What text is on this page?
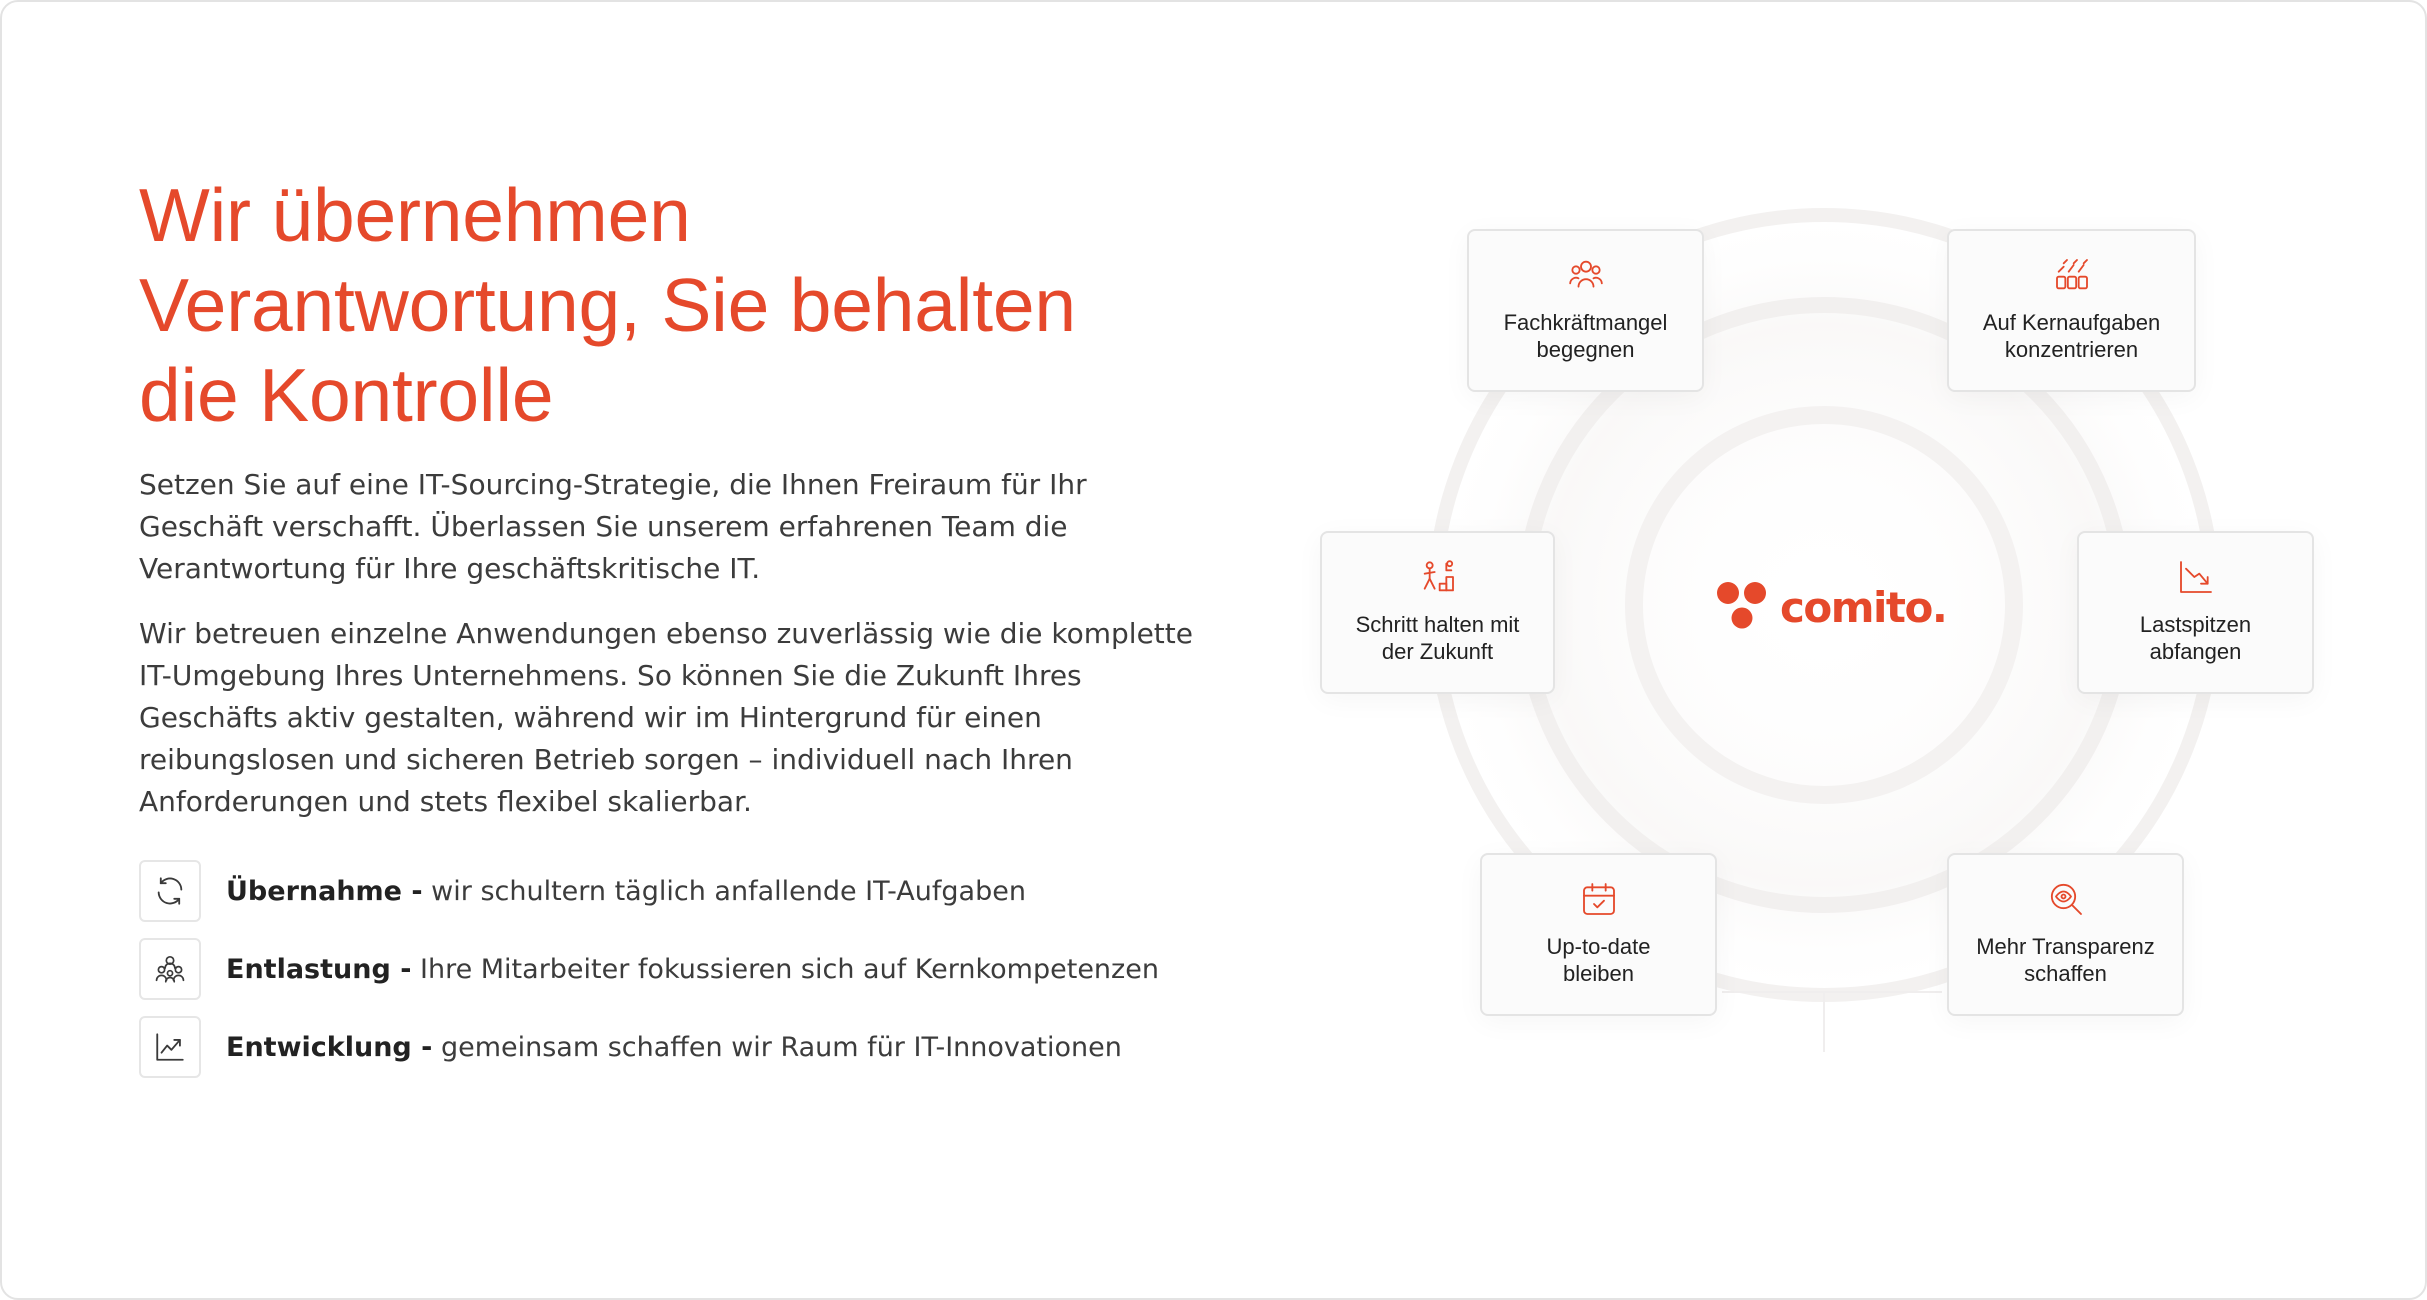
Wir übernehmen
Verantwortung, Sie behalten
die Kontrolle

Setzen Sie auf eine IT-Sourcing-Strategie, die Ihnen Freiraum für Ihr
Geschäft verschafft. Überlassen Sie unserem erfahrenen Team die
Verantwortung für Ihre geschäftskritische IT.

Wir betreuen einzelne Anwendungen ebenso zuverlässig wie die komplette
IT-Umgebung Ihres Unternehmens. So können Sie die Zukunft Ihres
Geschäfts aktiv gestalten, während wir im Hintergrund für einen
reibungslosen und sicheren Betrieb sorgen – individuell nach Ihren
Anforderungen und stets flexibel skalierbar.

Übernahme - wir schultern täglich anfallende IT-Aufgaben
Entlastung - Ihre Mitarbeiter fokussieren sich auf Kernkompetenzen
Entwicklung - gemeinsam schaffen wir Raum für IT-Innovationen
comito.
Fachkräftmangel
begegnen
Auf Kernaufgaben
konzentrieren
Schritt halten mit
der Zukunft
Lastspitzen
abfangen
Up-to-date
bleiben
Mehr Transparenz
schaffen
